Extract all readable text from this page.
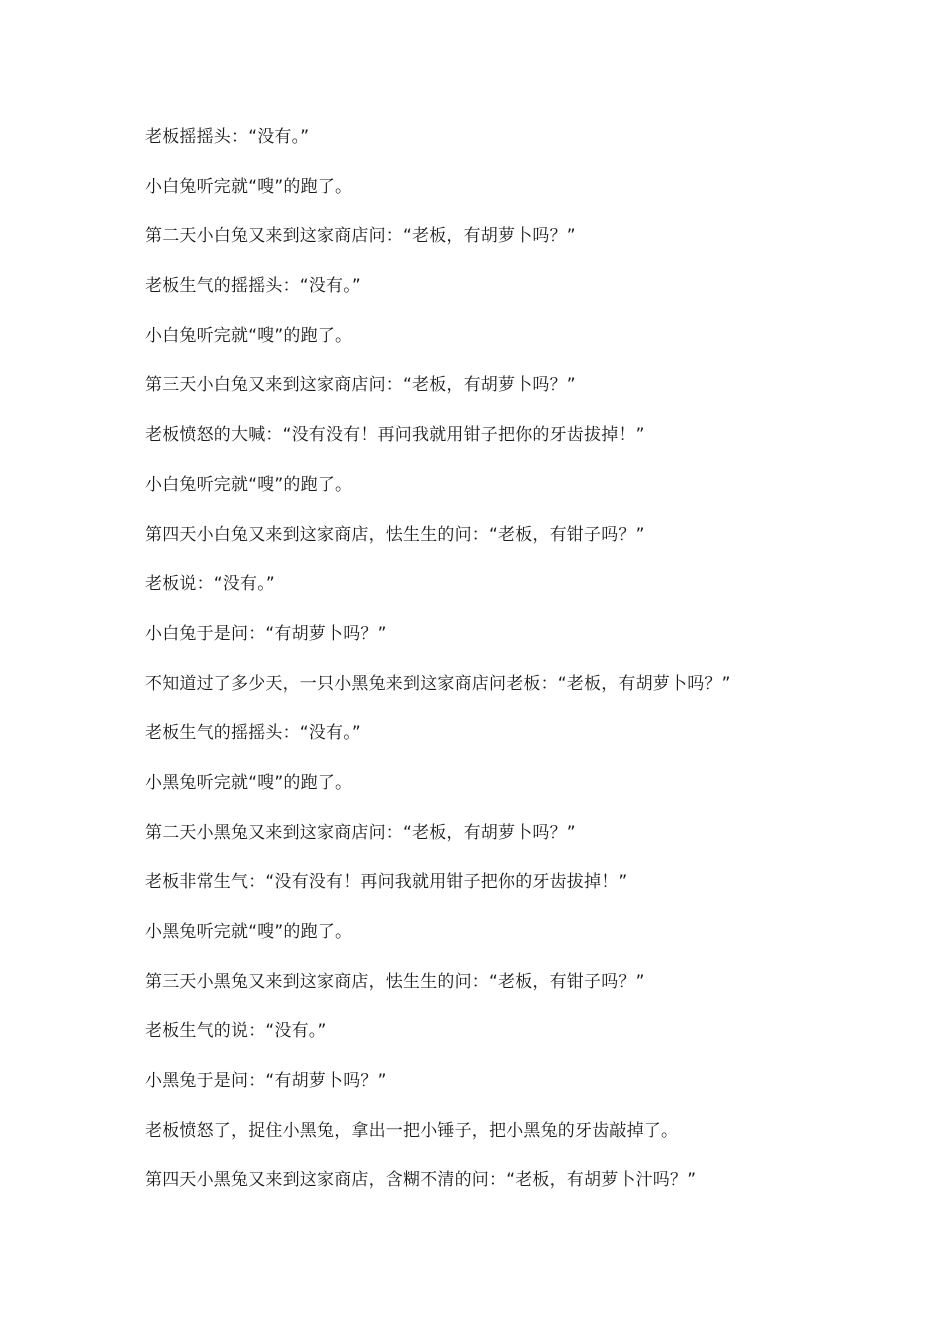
老板摇摇头：“没有。”
小白兔听完就“嗖”的跑了。
第二天小白兔又来到这家商店问：“老板，有胡萝卜吗？”
老板生气的摇摇头：“没有。”
小白兔听完就“嗖”的跑了。
第三天小白兔又来到这家商店问：“老板，有胡萝卜吗？”
老板愤怒的大喊：“没有没有！再问我就用钳子把你的牙齿拔掉！”
小白兔听完就“嗖”的跑了。
第四天小白兔又来到这家商店，怯生生的问：“老板，有钳子吗？”
老板说：“没有。”
小白兔于是问：“有胡萝卜吗？”
不知道过了多少天，一只小黑兔来到这家商店问老板：“老板，有胡萝卜吗？”
老板生气的摇摇头：“没有。”
小黑兔听完就“嗖”的跑了。
第二天小黑兔又来到这家商店问：“老板，有胡萝卜吗？”
老板非常生气：“没有没有！再问我就用钳子把你的牙齿拔掉！”
小黑兔听完就“嗖”的跑了。
第三天小黑兔又来到这家商店，怯生生的问：“老板，有钳子吗？”
老板生气的说：“没有。”
小黑兔于是问：“有胡萝卜吗？”
老板愤怒了，捉住小黑兔，拿出一把小锤子，把小黑兔的牙齿敲掉了。
第四天小黑兔又来到这家商店，含糊不清的问：“老板，有胡萝卜汁吗？”
